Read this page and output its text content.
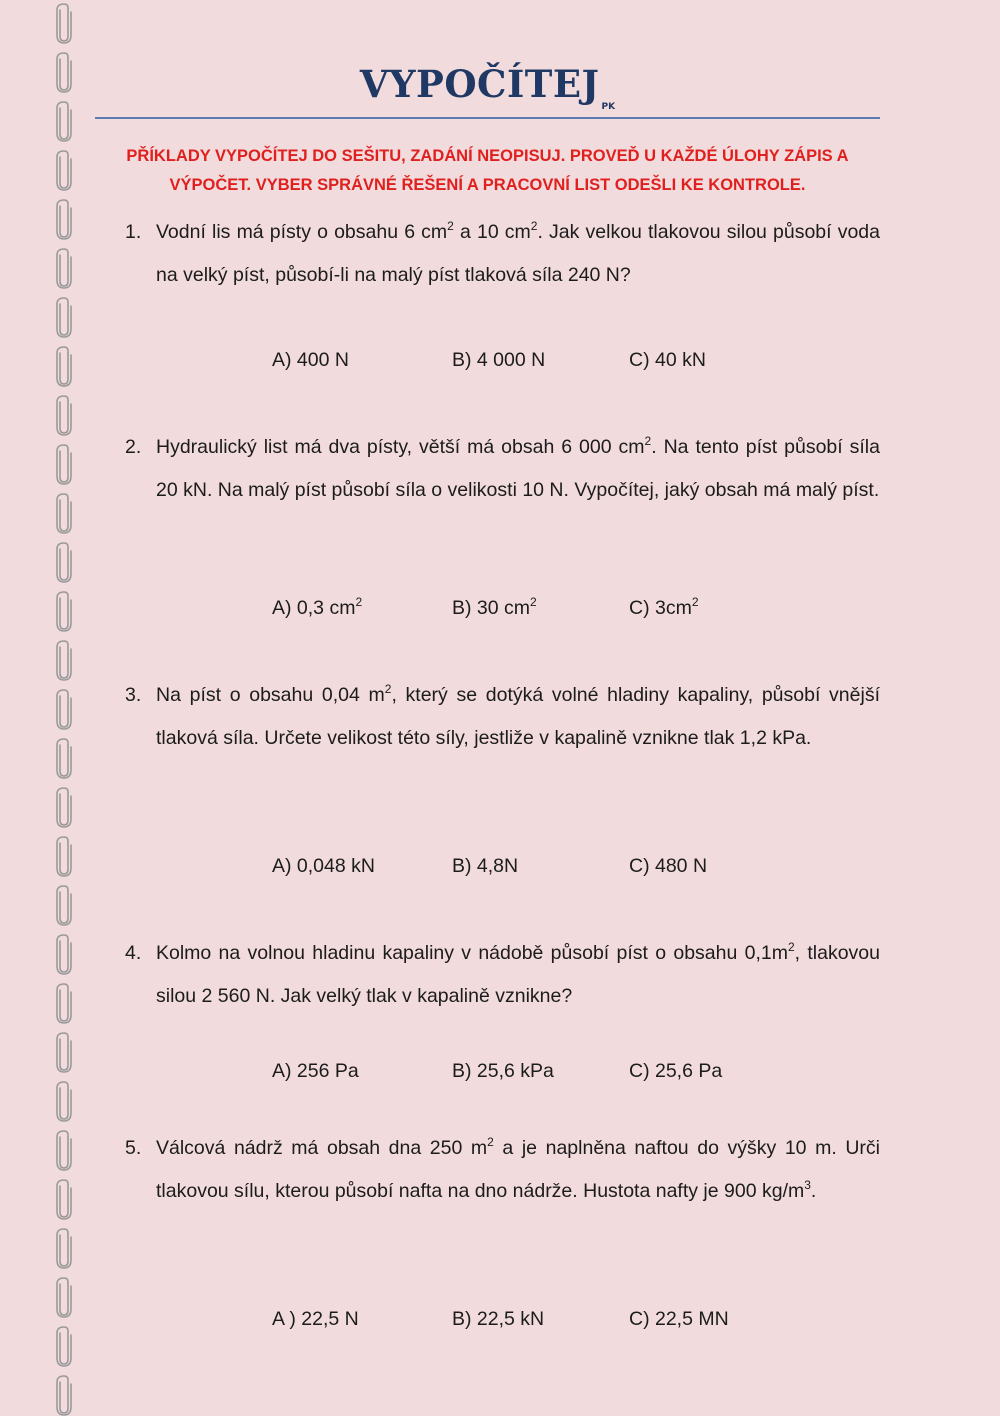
$VYPOČÍTEJ_{PK}$
PŘÍKLADY VYPOČÍTEJ DO SEŠITU, ZADÁNÍ NEOPISUJ. PROVEĎ U KAŽDÉ ÚLOHY ZÁPIS A
VÝPOČET. VYBER SPRÁVNÉ ŘEŠENÍ A PRACOVNÍ LIST ODEŠLI KE KONTROLE.
1. Vodní lis má písty o obsahu 6 $cm^2$ a 10 $cm^2$. Jak velkou tlakovou silou působí voda na velký píst, působí-li na malý píst tlaková síla 240 N?
A) 400 N	B) 4 000 N	C) 40 kN
2. Hydraulický list má dva písty, větší má obsah 6 000 $cm^2$. Na tento píst působí síla 20 kN. Na malý píst působí síla o velikosti 10 N. Vypočítej, jaký obsah má malý píst.
A) 0,3 $cm^2$	B) 30 $cm^2$	C) $3cm^2$
3. Na píst o obsahu 0,04 $m^2$, který se dotýká volné hladiny kapaliny, působí vnější tlaková síla. Určete velikost této síly, jestliže v kapalině vznikne tlak 1,2 kPa.
A) 0,048 kN	B) 4,8N	C) 480 N
4. Kolmo na volnou hladinu kapaliny v nádobě působí píst o obsahu $0,1m^2$, tlakovou silou 2 560 N. Jak velký tlak v kapalině vznikne?
A) 256 Pa	B) 25,6 kPa	C) 25,6 Pa
5. Válcová nádrž má obsah dna 250 $m^2$ a je naplněna naftou do výšky 10 m. Urči tlakovou sílu, kterou působí nafta na dno nádrže. Hustota nafty je 900 $kg/m^3$.
A ) 22,5 N	B) 22,5 kN	C) 22,5 MN
